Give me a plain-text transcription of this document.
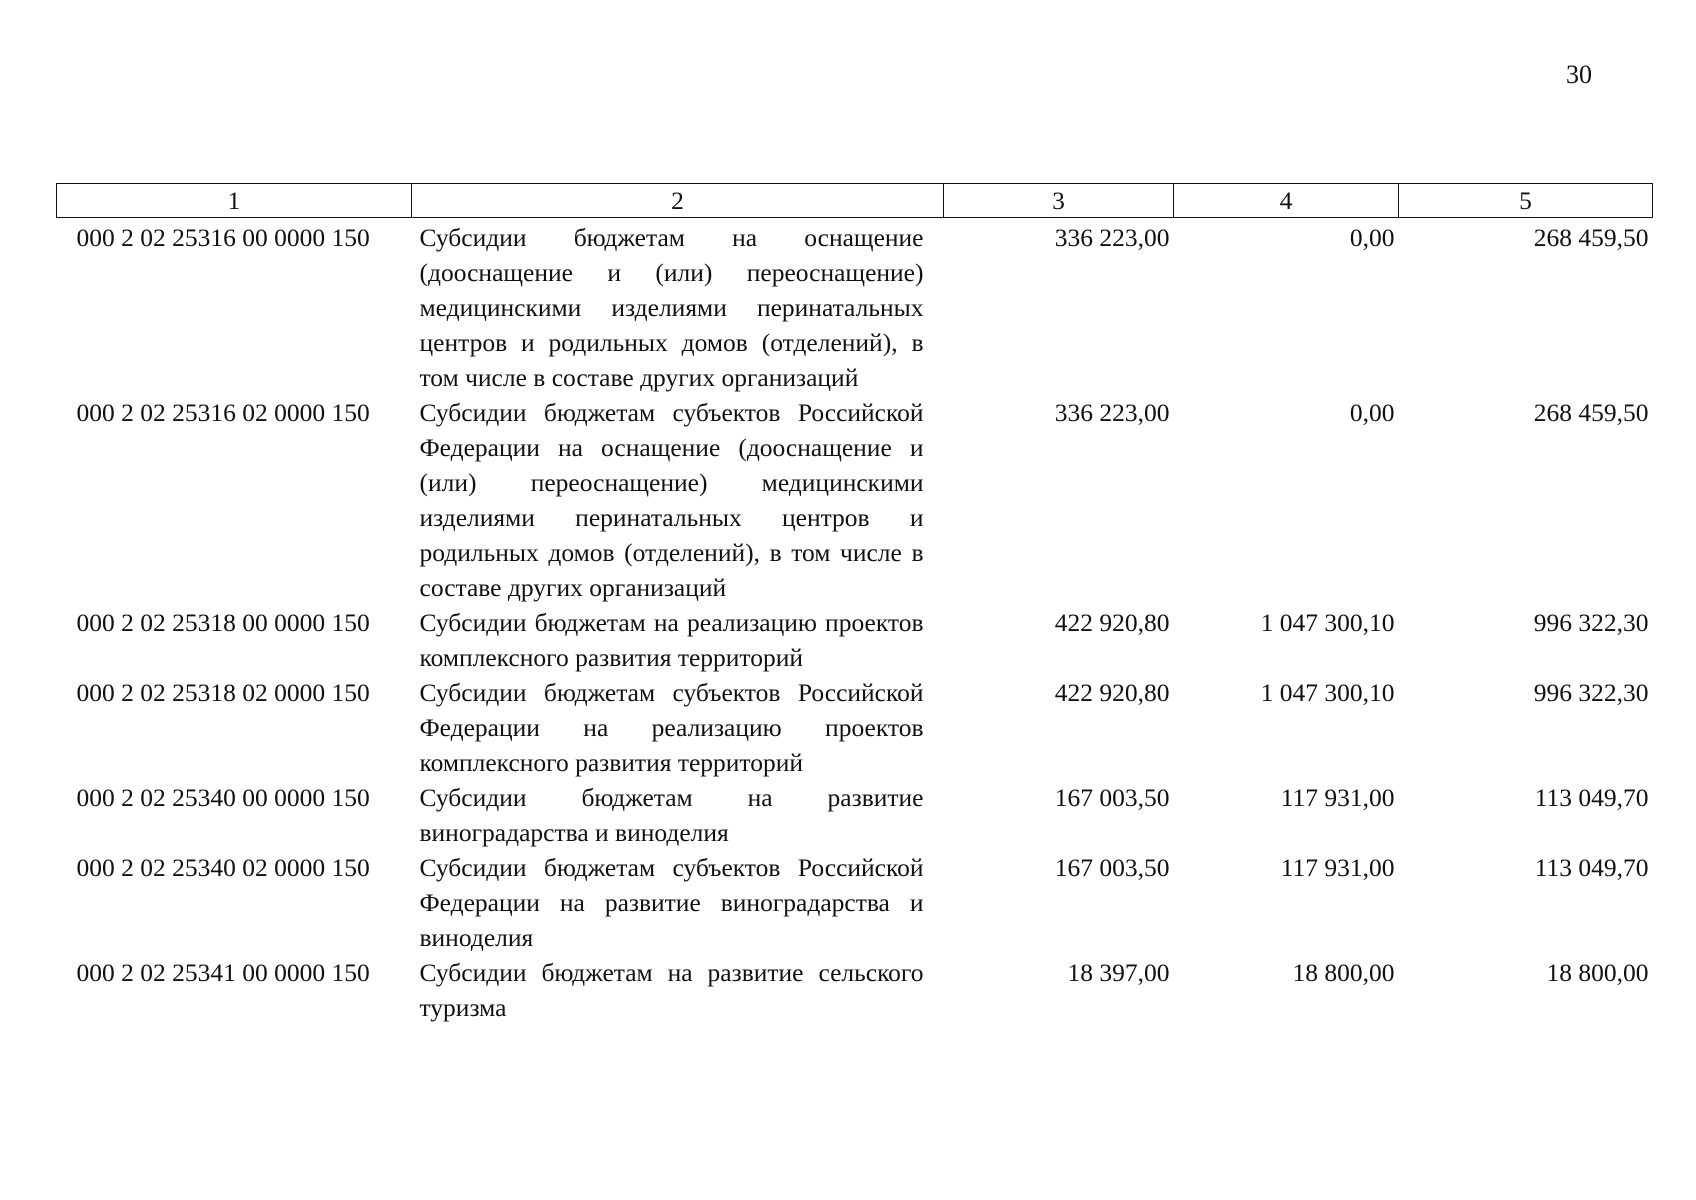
30
1	2	3	4	5
000 2 02 25316 00 0000 150	Субсидии бюджетам на оснащение (дооснащение и (или) переоснащение) медицинскими изделиями перинатальных центров и родильных домов (отделений), в том числе в составе других организаций	336 223,00	0,00	268 459,50
000 2 02 25316 02 0000 150	Субсидии бюджетам субъектов Российской Федерации на оснащение (дооснащение и (или) переоснащение) медицинскими изделиями перинатальных центров и родильных домов (отделений), в том числе в составе других организаций	336 223,00	0,00	268 459,50
000 2 02 25318 00 0000 150	Субсидии бюджетам на реализацию проектов комплексного развития территорий	422 920,80	1 047 300,10	996 322,30
000 2 02 25318 02 0000 150	Субсидии бюджетам субъектов Российской Федерации на реализацию проектов комплексного развития территорий	422 920,80	1 047 300,10	996 322,30
000 2 02 25340 00 0000 150	Субсидии бюджетам на развитие виноградарства и виноделия	167 003,50	117 931,00	113 049,70
000 2 02 25340 02 0000 150	Субсидии бюджетам субъектов Российской Федерации на развитие виноградарства и виноделия	167 003,50	117 931,00	113 049,70
000 2 02 25341 00 0000 150	Субсидии бюджетам на развитие сельского туризма	18 397,00	18 800,00	18 800,00
